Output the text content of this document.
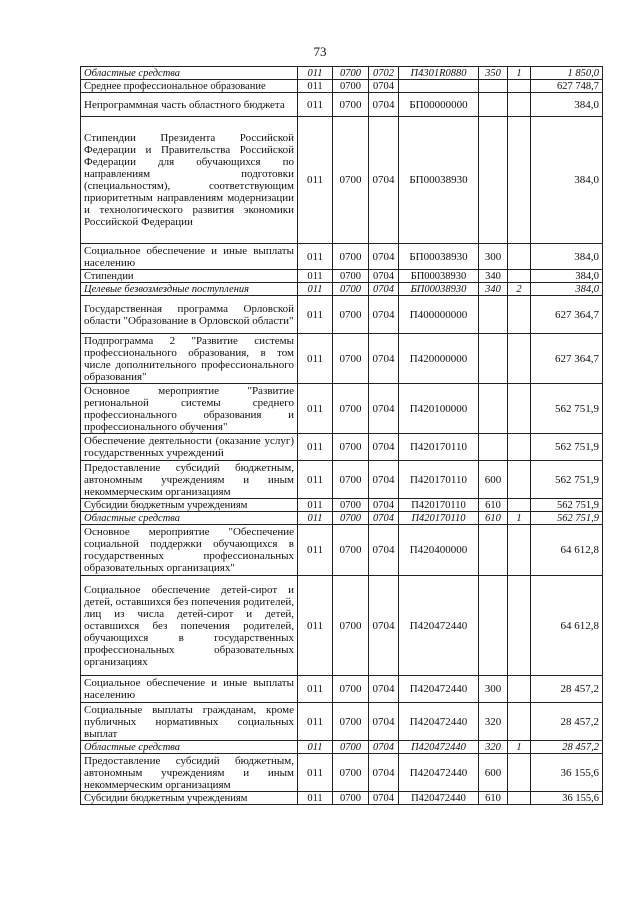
73
Областные средства	011	0700	0702	П4301R0880	350	1	1 850,0
Среднее профессиональное образование	011	0700	0704				627 748,7
Непрограммная часть областного бюджета	011	0700	0704	БП00000000			384,0
Стипендии Президента Российской Федерации и Правительства Российской Федерации для обучающихся по направлениям подготовки (специальностям), соответствующим приоритетным направлениям модернизации и технологического развития экономики Российской Федерации	011	0700	0704	БП00038930			384,0
Социальное обеспечение и иные выплаты населению	011	0700	0704	БП00038930	300		384,0
Стипендии	011	0700	0704	БП00038930	340		384,0
Целевые безвозмездные поступления	011	0700	0704	БП00038930	340	2	384,0
Государственная программа Орловской области "Образование в Орловской области"	011	0700	0704	П400000000			627 364,7
Подпрограмма 2 "Развитие системы профессионального образования, в том числе дополнительного профессионального образования"	011	0700	0704	П420000000			627 364,7
Основное мероприятие "Развитие региональной системы среднего профессионального образования и профессионального обучения"	011	0700	0704	П420100000			562 751,9
Обеспечение деятельности (оказание услуг) государственных учреждений	011	0700	0704	П420170110			562 751,9
Предоставление субсидий бюджетным, автономным учреждениям и иным некоммерческим организациям	011	0700	0704	П420170110	600		562 751,9
Субсидии бюджетным учреждениям	011	0700	0704	П420170110	610		562 751,9
Областные средства	011	0700	0704	П420170110	610	1	562 751,9
Основное мероприятие "Обеспечение социальной поддержки обучающихся в государственных профессиональных образовательных организациях"	011	0700	0704	П420400000			64 612,8
Социальное обеспечение детей-сирот и детей, оставшихся без попечения родителей, лиц из числа детей-сирот и детей, оставшихся без попечения родителей, обучающихся в государственных профессиональных образовательных организациях	011	0700	0704	П420472440			64 612,8
Социальное обеспечение и иные выплаты населению	011	0700	0704	П420472440	300		28 457,2
Социальные выплаты гражданам, кроме публичных нормативных социальных выплат	011	0700	0704	П420472440	320		28 457,2
Областные средства	011	0700	0704	П420472440	320	1	28 457,2
Предоставление субсидий бюджетным, автономным учреждениям и иным некоммерческим организациям	011	0700	0704	П420472440	600		36 155,6
Субсидии бюджетным учреждениям	011	0700	0704	П420472440	610		36 155,6
